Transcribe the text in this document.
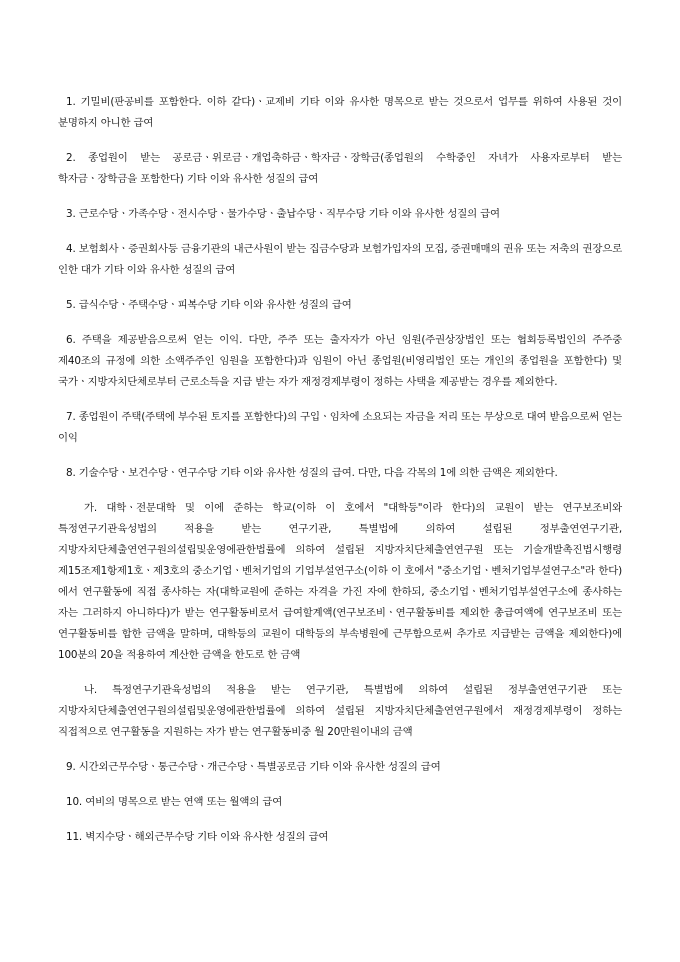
1. 기밀비(판공비를 포함한다. 이하 같다)ㆍ교제비 기타 이와 유사한 명목으로 받는 것으로서 업무를 위하여 사용된 것이 분명하지 아니한 급여

2. 종업원이 받는 공로금ㆍ위로금ㆍ개업축하금ㆍ학자금ㆍ장학금(종업원의 수학중인 자녀가 사용자로부터 받는 학자금ㆍ장학금을 포함한다) 기타 이와 유사한 성질의 급여

3. 근로수당ㆍ가족수당ㆍ전시수당ㆍ물가수당ㆍ출납수당ㆍ직무수당 기타 이와 유사한 성질의 급여

4. 보험회사ㆍ증권회사등 금융기관의 내근사원이 받는 집금수당과 보험가입자의 모집, 증권매매의 권유 또는 저축의 권장으로 인한 대가 기타 이와 유사한 성질의 급여

5. 급식수당ㆍ주택수당ㆍ피복수당 기타 이와 유사한 성질의 급여

6. 주택을 제공받음으로써 얻는 이익. 다만, 주주 또는 출자자가 아닌 임원(주권상장법인 또는 협회등록법인의 주주중 제40조의 규정에 의한 소액주주인 임원을 포함한다)과 임원이 아닌 종업원(비영리법인 또는 개인의 종업원을 포함한다) 및 국가ㆍ지방자치단체로부터 근로소득을 지급 받는 자가 재정경제부령이 정하는 사택을 제공받는 경우를 제외한다.

7. 종업원이 주택(주택에 부수된 토지를 포함한다)의 구입ㆍ임차에 소요되는 자금을 저리 또는 무상으로 대여 받음으로써 얻는 이익

8. 기술수당ㆍ보건수당ㆍ연구수당 기타 이와 유사한 성질의 급여. 다만, 다음 각목의 1에 의한 금액은 제외한다.

가. 대학ㆍ전문대학 및 이에 준하는 학교(이하 이 호에서 "대학등"이라 한다)의 교원이 받는 연구보조비와 특정연구기관육성법의 적용을 받는 연구기관, 특별법에 의하여 설립된 정부출연연구기관, 지방자치단체출연연구원의설립및운영에관한법률에 의하여 설립된 지방자치단체출연연구원 또는 기술개발촉진법시행령 제15조제1항제1호ㆍ제3호의 중소기업ㆍ벤처기업의 기업부설연구소(이하 이 호에서 "중소기업ㆍ벤처기업부설연구소"라 한다)에서 연구활동에 직접 종사하는 자(대학교원에 준하는 자격을 가진 자에 한하되, 중소기업ㆍ벤처기업부설연구소에 종사하는 자는 그러하지 아니하다)가 받는 연구활동비로서 급여할계액(연구보조비ㆍ연구활동비를 제외한 총급여액에 연구보조비 또는 연구활동비를 합한 금액을 말하며, 대학등의 교원이 대학등의 부속병원에 근무함으로써 추가로 지급받는 금액을 제외한다)에 100분의 20을 적용하여 계산한 금액을 한도로 한 금액

나. 특정연구기관육성법의 적용을 받는 연구기관, 특별법에 의하여 설립된 정부출연연구기관 또는 지방자치단체출연연구원의설립및운영에관한법률에 의하여 설립된 지방자치단체출연연구원에서 재정경제부령이 정하는 직접적으로 연구활동을 지원하는 자가 받는 연구활동비중 월 20만원이내의 금액

9. 시간외근무수당ㆍ통근수당ㆍ개근수당ㆍ특별공로금 기타 이와 유사한 성질의 급여

10. 여비의 명목으로 받는 연액 또는 월액의 급여

11. 벽지수당ㆍ해외근무수당 기타 이와 유사한 성질의 급여
